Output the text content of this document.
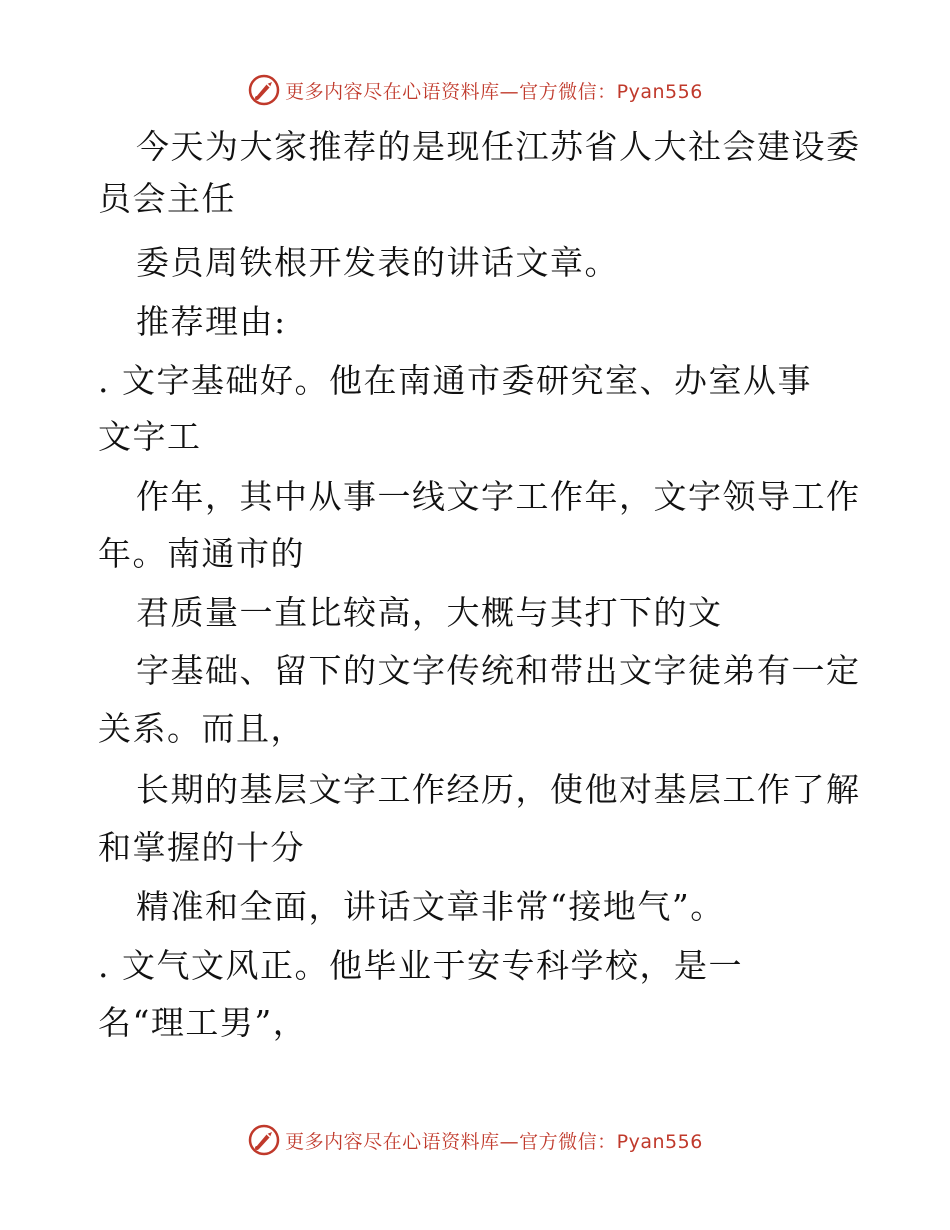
更多内容尽在心语资料库—官方微信：Pyan556
今天为大家推荐的是现任江苏省人大社会建设委
员会主任
委员周铁根开发表的讲话文章。
推荐理由:
. 文字基础好。他在南通市委研究室、办室从事
文字工
作年，其中从事一线文字工作年，文字领导工作
年。南通市的
君质量一直比较高，大概与其打下的文
字基础、留下的文字传统和带出文字徒弟有一定
关系。而且，
长期的基层文字工作经历，使他对基层工作了解
和掌握的十分
精准和全面，讲话文章非常“接地气”。
. 文气文风正。他毕业于安专科学校，是一
名“理工男”，
更多内容尽在心语资料库—官方微信：Pyan556
